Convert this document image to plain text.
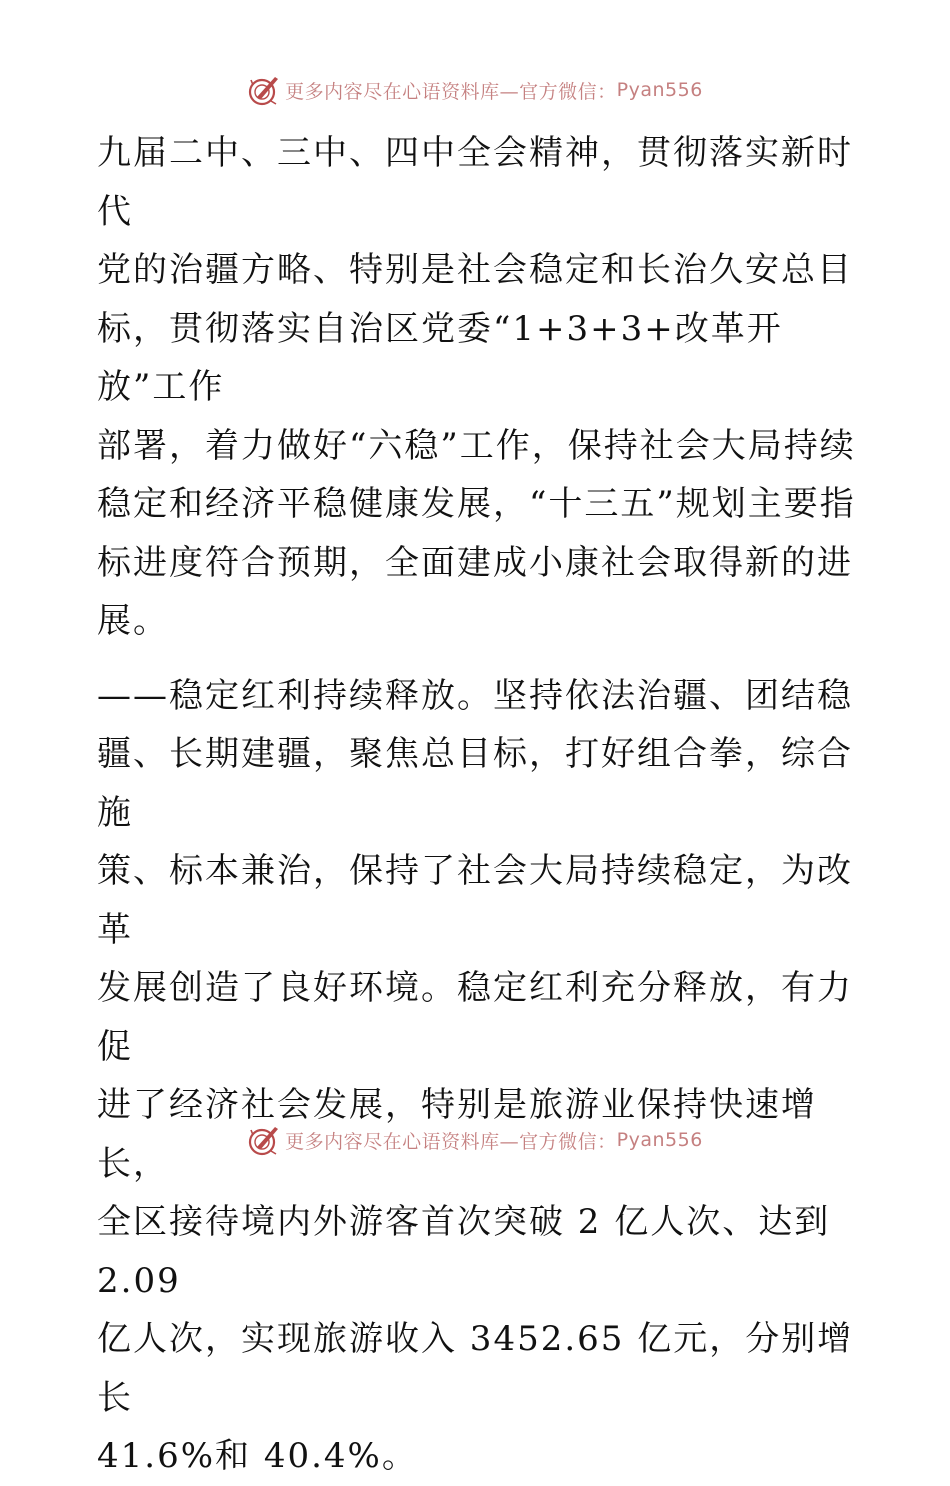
更多内容尽在心语资料库—官方微信： Pyan556

九届二中、三中、四中全会精神，贯彻落实新时代
党的治疆方略、特别是社会稳定和长治久安总目
标，贯彻落实自治区党委“1+3+3+改革开放”工作
部署，着力做好“六稳”工作，保持社会大局持续
稳定和经济平稳健康发展，“十三五”规划主要指
标进度符合预期，全面建成小康社会取得新的进
展。

——稳定红利持续释放。坚持依法治疆、团结稳
疆、长期建疆，聚焦总目标，打好组合拳，综合施
策、标本兼治，保持了社会大局持续稳定，为改革
发展创造了良好环境。稳定红利充分释放，有力促
进了经济社会发展，特别是旅游业保持快速增长，
全区接待境内外游客首次突破 2 亿人次、达到 2.09
亿人次，实现旅游收入 3452.65 亿元，分别增长
41.6%和 40.4%。

更多内容尽在心语资料库—官方微信： Pyan556
